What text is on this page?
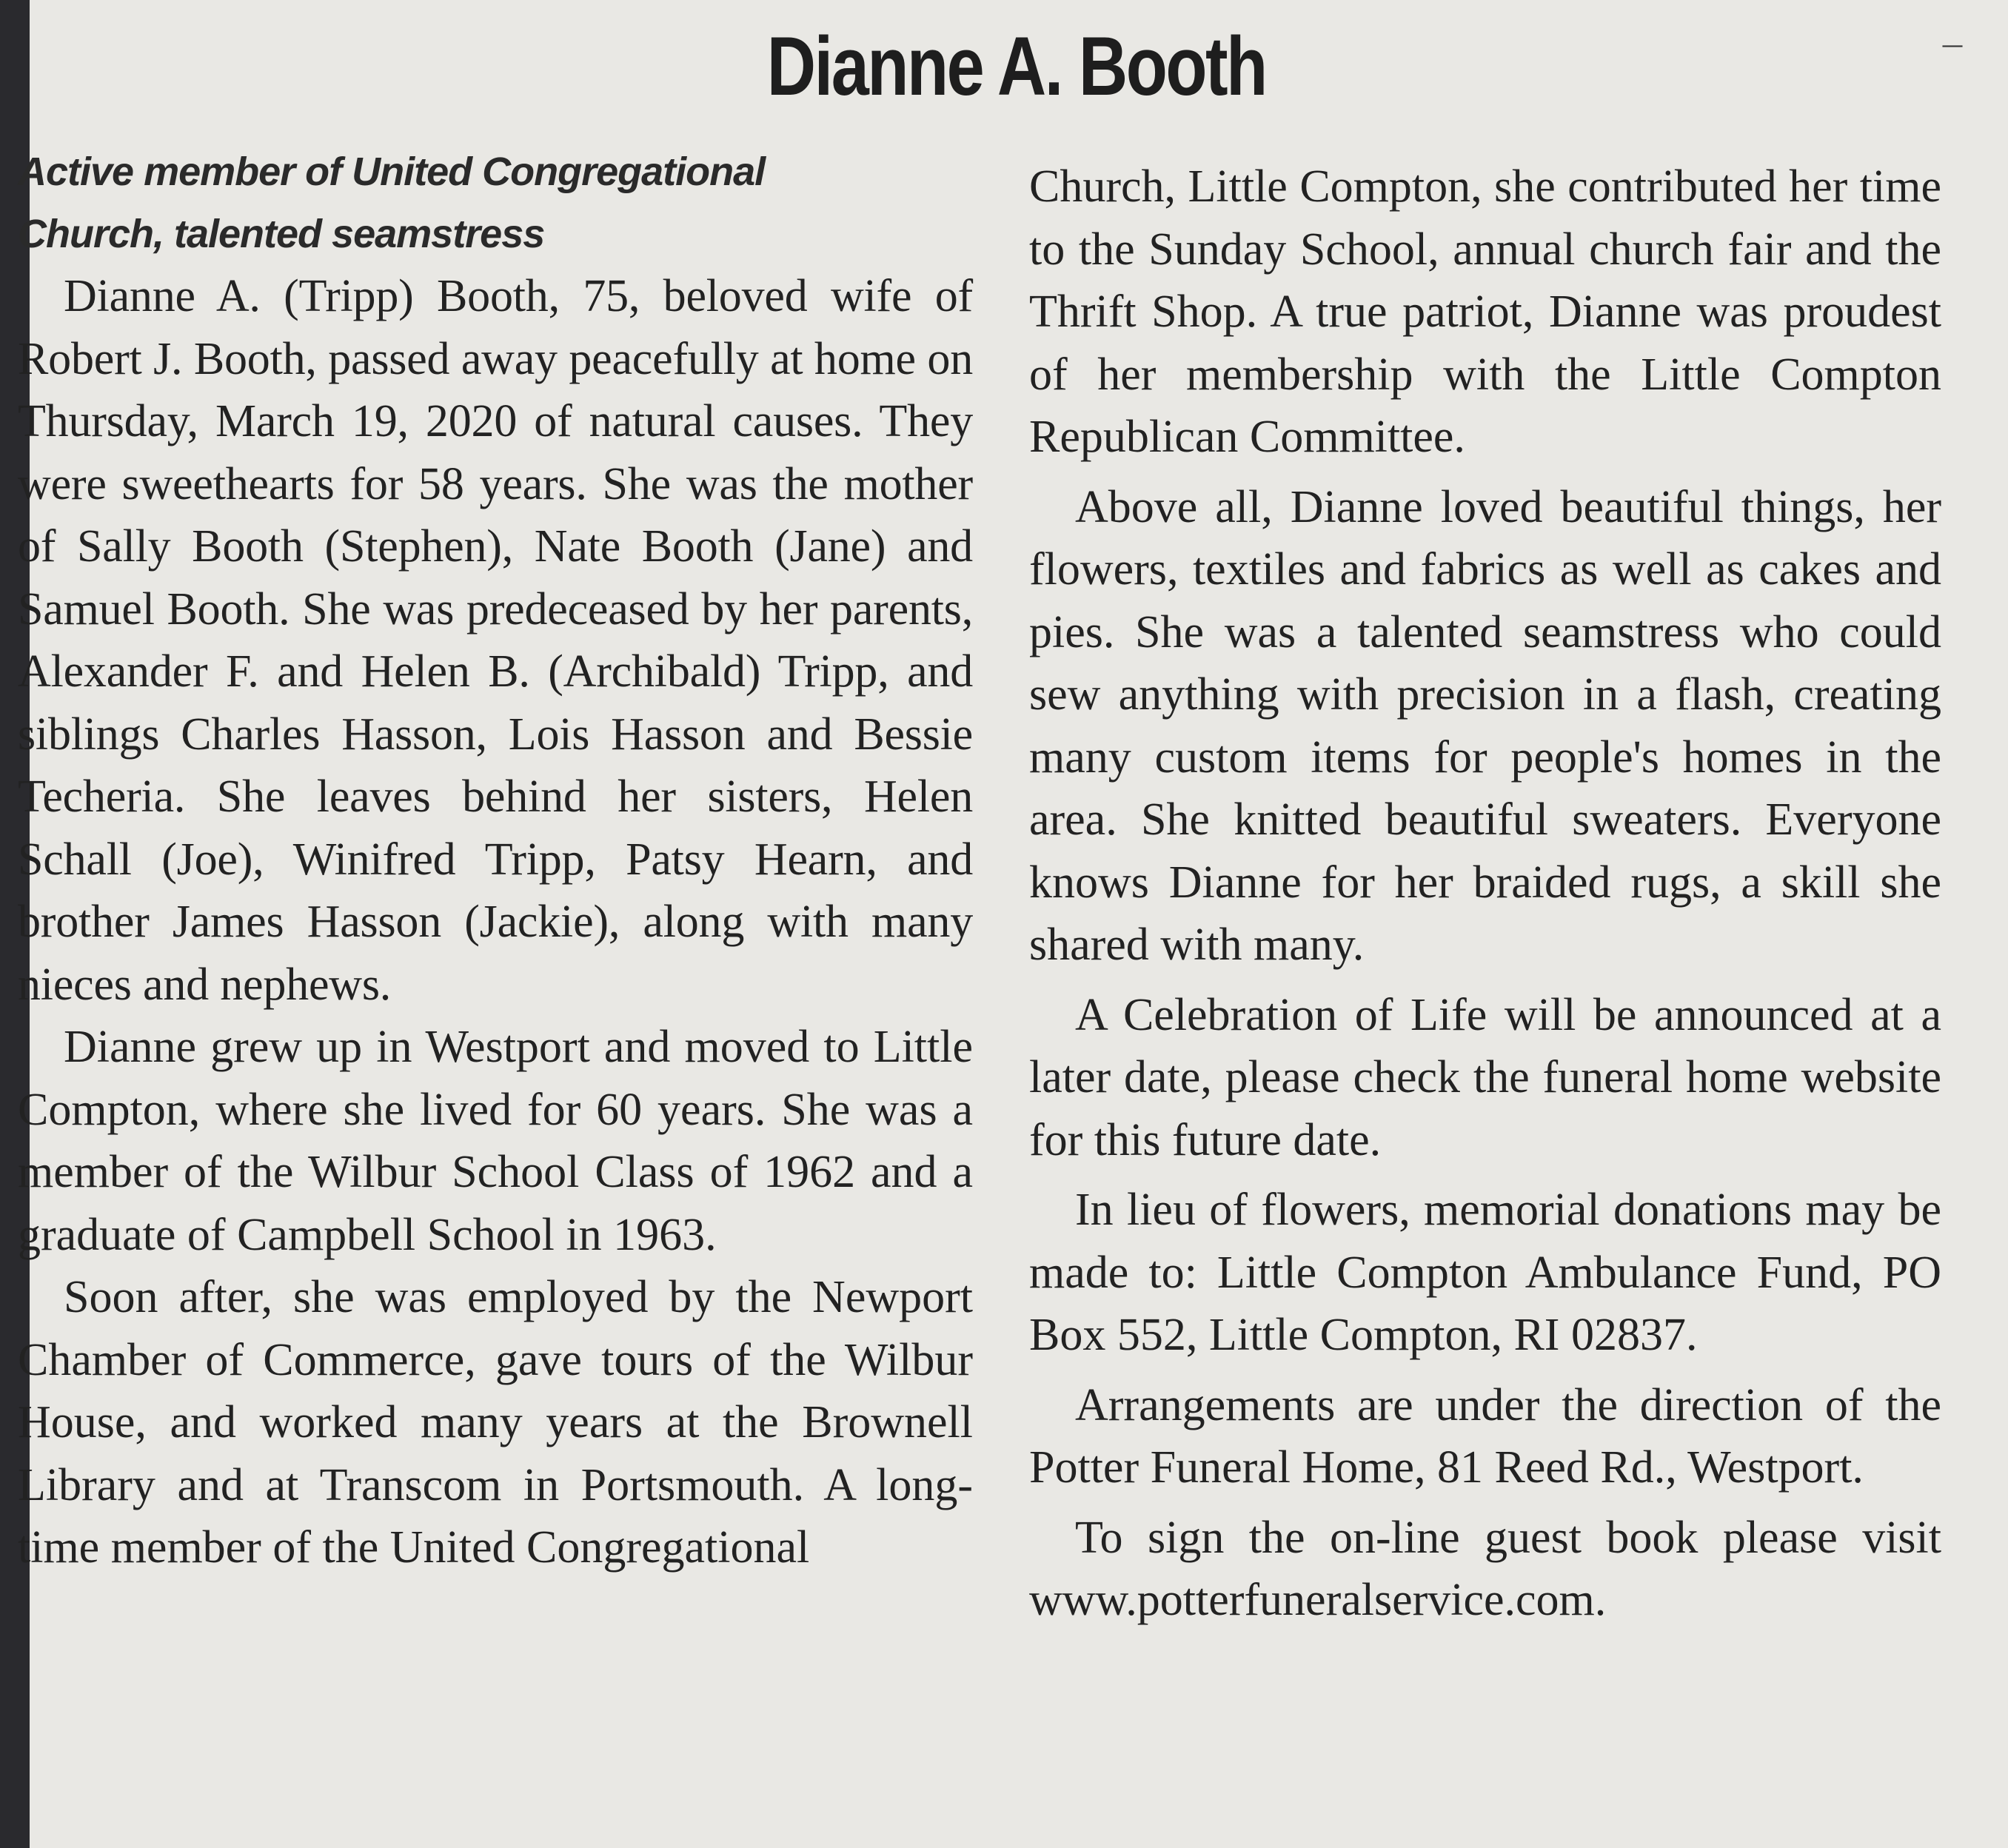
—
Dianne A. Booth

Active member of United Congregational

Church, talented seamstress

Dianne A. (Tripp) Booth, 75, beloved wife of Robert J. Booth, passed away peacefully at home on Thursday, March 19, 2020 of natural causes. They were sweethearts for 58 years. She was the mother of Sally Booth (Stephen), Nate Booth (Jane) and Samuel Booth. She was predeceased by her parents, Alexander F. and Helen B. (Archibald) Tripp, and siblings Charles Hasson, Lois Hasson and Bessie Techeria. She leaves behind her sisters, Helen Schall (Joe), Winifred Tripp, Patsy Hearn, and brother James Hasson (Jackie), along with many nieces and nephews.

Dianne grew up in Westport and moved to Little Compton, where she lived for 60 years. She was a member of the Wilbur School Class of 1962 and a graduate of Campbell School in 1963.

Soon after, she was employed by the Newport Chamber of Commerce, gave tours of the Wilbur House, and worked many years at the Brownell Library and at Transcom in Portsmouth. A long-time member of the United Congregational

Church, Little Compton, she contributed her time to the Sunday School, annual church fair and the Thrift Shop. A true patriot, Dianne was proudest of her membership with the Little Compton Republican Committee.

Above all, Dianne loved beautiful things, her flowers, textiles and fabrics as well as cakes and pies. She was a talented seamstress who could sew anything with precision in a flash, creating many custom items for people's homes in the area. She knitted beautiful sweaters. Everyone knows Dianne for her braided rugs, a skill she shared with many.

A Celebration of Life will be announced at a later date, please check the funeral home website for this future date.

In lieu of flowers, memorial donations may be made to: Little Compton Ambulance Fund, PO Box 552, Little Compton, RI 02837.

Arrangements are under the direction of the Potter Funeral Home, 81 Reed Rd., Westport.

To sign the on-line guest book please visit www.potterfuneralservice.com.
